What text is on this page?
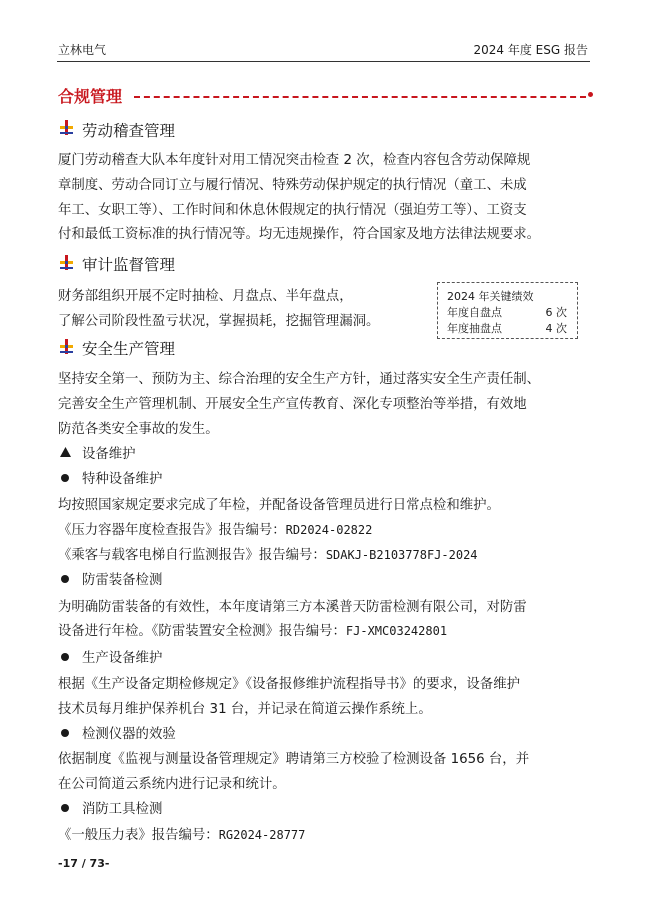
立林电气	2024 年度 ESG 报告
合规管理
劳动稽查管理
厦门劳动稽查大队本年度针对用工情况突击检查 2 次，检查内容包含劳动保障规
章制度、劳动合同订立与履行情况、特殊劳动保护规定的执行情况（童工、未成
年工、女职工等）、工作时间和休息休假规定的执行情况（强迫劳工等）、工资支
付和最低工资标准的执行情况等。均无违规操作，符合国家及地方法律法规要求。
审计监督管理
财务部组织开展不定时抽检、月盘点、半年盘点，
了解公司阶段性盈亏状况，掌握损耗，挖掘管理漏洞。
2024 年关键绩效
年度自盘点	6 次
年度抽盘点	4 次
安全生产管理
坚持安全第一、预防为主、综合治理的安全生产方针，通过落实安全生产责任制、
完善安全生产管理机制、开展安全生产宣传教育、深化专项整治等举措，有效地
防范各类安全事故的发生。
设备维护
特种设备维护
均按照国家规定要求完成了年检，并配备设备管理员进行日常点检和维护。
《压力容器年度检查报告》报告编号：RD2024-02822
《乘客与载客电梯自行监测报告》报告编号：SDAKJ-B2103778FJ-2024
防雷装备检测
为明确防雷装备的有效性，本年度请第三方本溪普天防雷检测有限公司，对防雷
设备进行年检。《防雷装置安全检测》报告编号：FJ-XMC03242801
生产设备维护
根据《生产设备定期检修规定》《设备报修维护流程指导书》的要求，设备维护
技术员每月维护保养机台 31 台，并记录在简道云操作系统上。
检测仪器的效验
依据制度《监视与测量设备管理规定》聘请第三方校验了检测设备 1656 台，并
在公司简道云系统内进行记录和统计。
消防工具检测
《一般压力表》报告编号：RG2024-28777
-17 / 73-
